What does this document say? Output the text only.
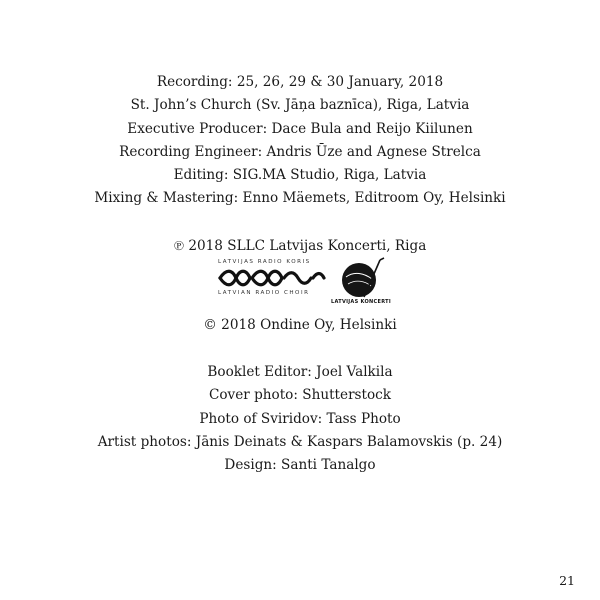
Recording: 25, 26, 29 & 30 January, 2018
St. John’s Church (Sv. Jāņa baznīca), Riga, Latvia
Executive Producer: Dace Bula and Reijo Kiilunen
Recording Engineer: Andris Ūze and Agnese Strelca
Editing: SIG.MA Studio, Riga, Latvia
Mixing & Mastering: Enno Mäemets, Editroom Oy, Helsinki
℗ 2018 SLLC Latvijas Koncerti, Riga
LATVIJAS RADIO KORIS
LATVIAN RADIO CHOIR
LATVIJAS KONCERTI
© 2018 Ondine Oy, Helsinki
Booklet Editor: Joel Valkila
Cover photo: Shutterstock
Photo of Sviridov: Tass Photo
Artist photos: Jānis Deinats & Kaspars Balamovskis (p. 24)
Design: Santi Tanalgo
21
